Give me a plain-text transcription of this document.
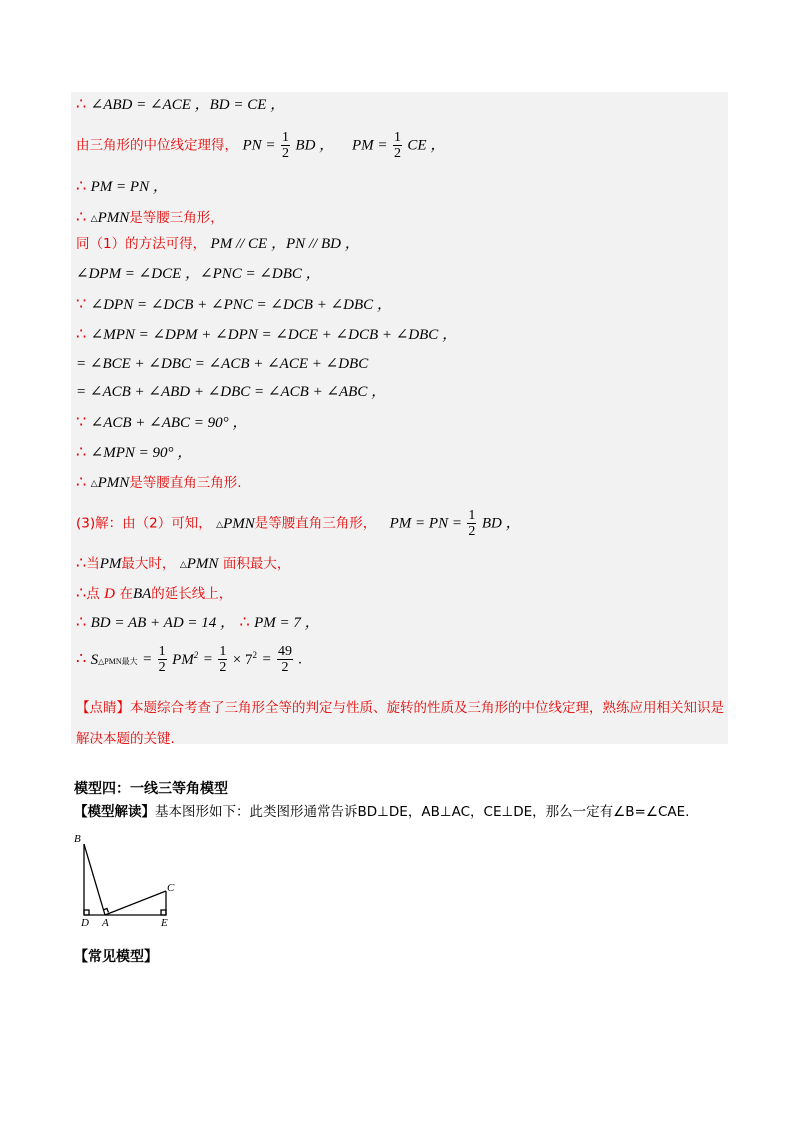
∴ ∠ABD = ∠ACE ，BD = CE ，
由三角形的中位线定理得， PN = $\frac{1}{2}$ BD ， PM = $\frac{1}{2}$ CE ，
∴ PM = PN ，
∴ △PMN是等腰三角形，
同（1）的方法可得， PM // CE ，PN // BD ，
∠DPM = ∠DCE ，∠PNC = ∠DBC ，
∵ ∠DPN = ∠DCB + ∠PNC = ∠DCB + ∠DBC ，
∴ ∠MPN = ∠DPM + ∠DPN = ∠DCE + ∠DCB + ∠DBC ，
= ∠BCE + ∠DBC = ∠ACB + ∠ACE + ∠DBC
= ∠ACB + ∠ABD + ∠DBC = ∠ACB + ∠ABC ，
∵ ∠ACB + ∠ABC = 90° ，
∴ ∠MPN = 90° ，
∴ △PMN是等腰直角三角形.
(3)解：由（2）可知， △PMN是等腰直角三角形， PM = PN = $\frac{1}{2}$ BD ，
∴当PM最大时， △PMN 面积最大，
∴点 D 在BA的延长线上，
∴ BD = AB + AD = 14 ， ∴ PM = 7 ，
∴ S△PMN最大 = $\frac{1}{2} PM^2 = \frac{1}{2} \times 7^2 = \frac{49}{2}$ .
【点睛】本题综合考查了三角形全等的判定与性质、旋转的性质及三角形的中位线定理，熟练应用相关知识是解决本题的关键.
模型四：一线三等角模型
【模型解读】基本图形如下：此类图形通常告诉BD⊥DE，AB⊥AC，CE⊥DE，那么一定有∠B=∠CAE.
B
C
D A	E
【常见模型】
